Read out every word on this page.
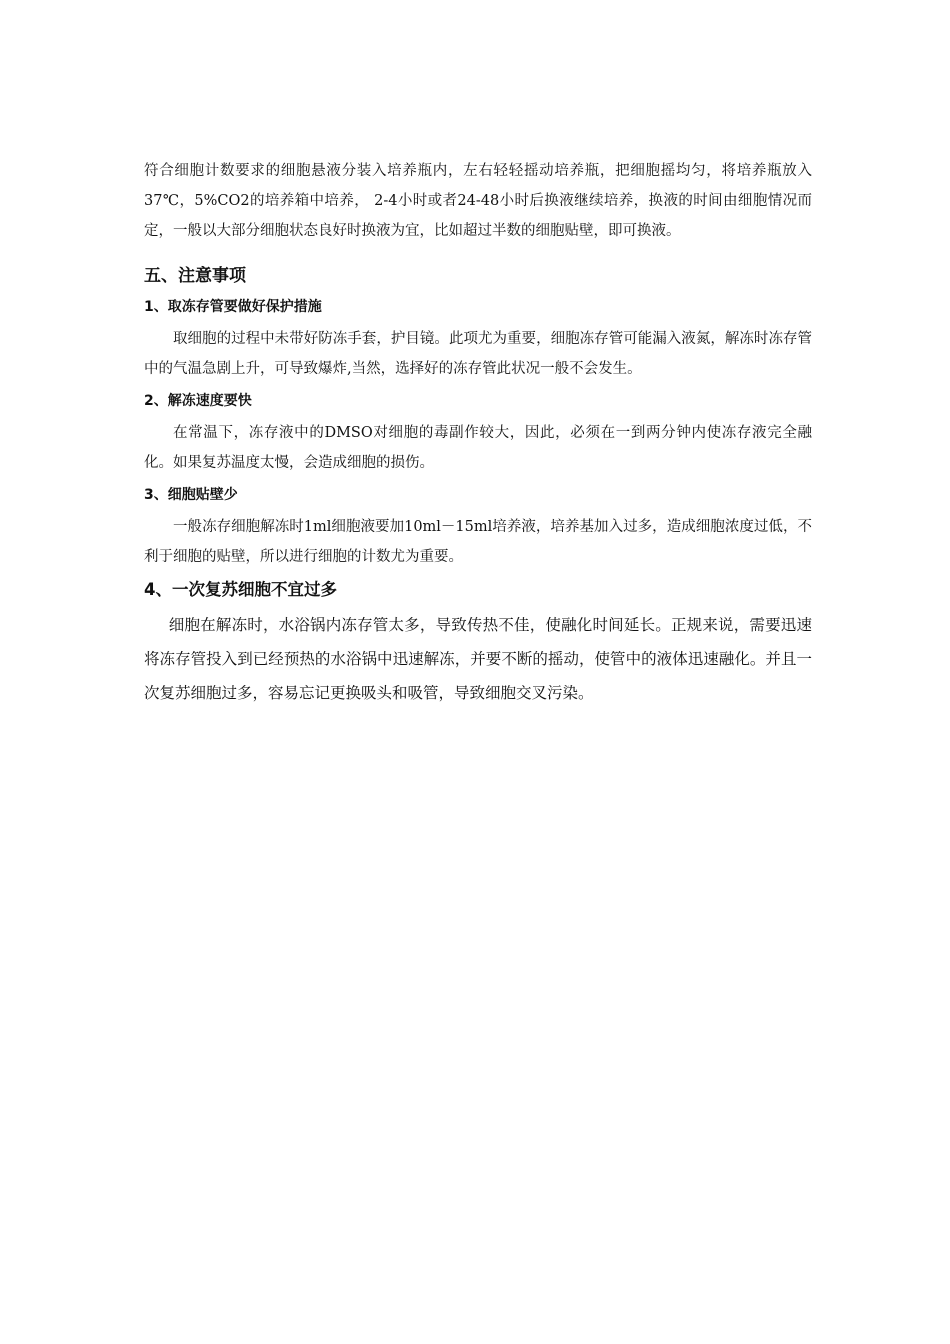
符合细胞计数要求的细胞悬液分装入培养瓶内，左右轻轻摇动培养瓶，把细胞摇均匀，将培养瓶放入37℃，5%CO2的培养箱中培养， 2-4小时或者24-48小时后换液继续培养，换液的时间由细胞情况而定，一般以大部分细胞状态良好时换液为宜，比如超过半数的细胞贴壁，即可换液。

五、注意事项
1、取冻存管要做好保护措施

取细胞的过程中未带好防冻手套，护目镜。此项尤为重要，细胞冻存管可能漏入液氮，解冻时冻存管中的气温急剧上升，可导致爆炸,当然，选择好的冻存管此状况一般不会发生。

2、解冻速度要快

在常温下，冻存液中的DMSO对细胞的毒副作较大，因此，必须在一到两分钟内使冻存液完全融化。如果复苏温度太慢，会造成细胞的损伤。

3、细胞贴壁少

一般冻存细胞解冻时1ml细胞液要加10ml－15ml培养液，培养基加入过多，造成细胞浓度过低，不利于细胞的贴壁，所以进行细胞的计数尤为重要。

4、一次复苏细胞不宜过多

细胞在解冻时，水浴锅内冻存管太多，导致传热不佳，使融化时间延长。正规来说，需要迅速将冻存管投入到已经预热的水浴锅中迅速解冻，并要不断的摇动，使管中的液体迅速融化。并且一次复苏细胞过多，容易忘记更换吸头和吸管，导致细胞交叉污染。
